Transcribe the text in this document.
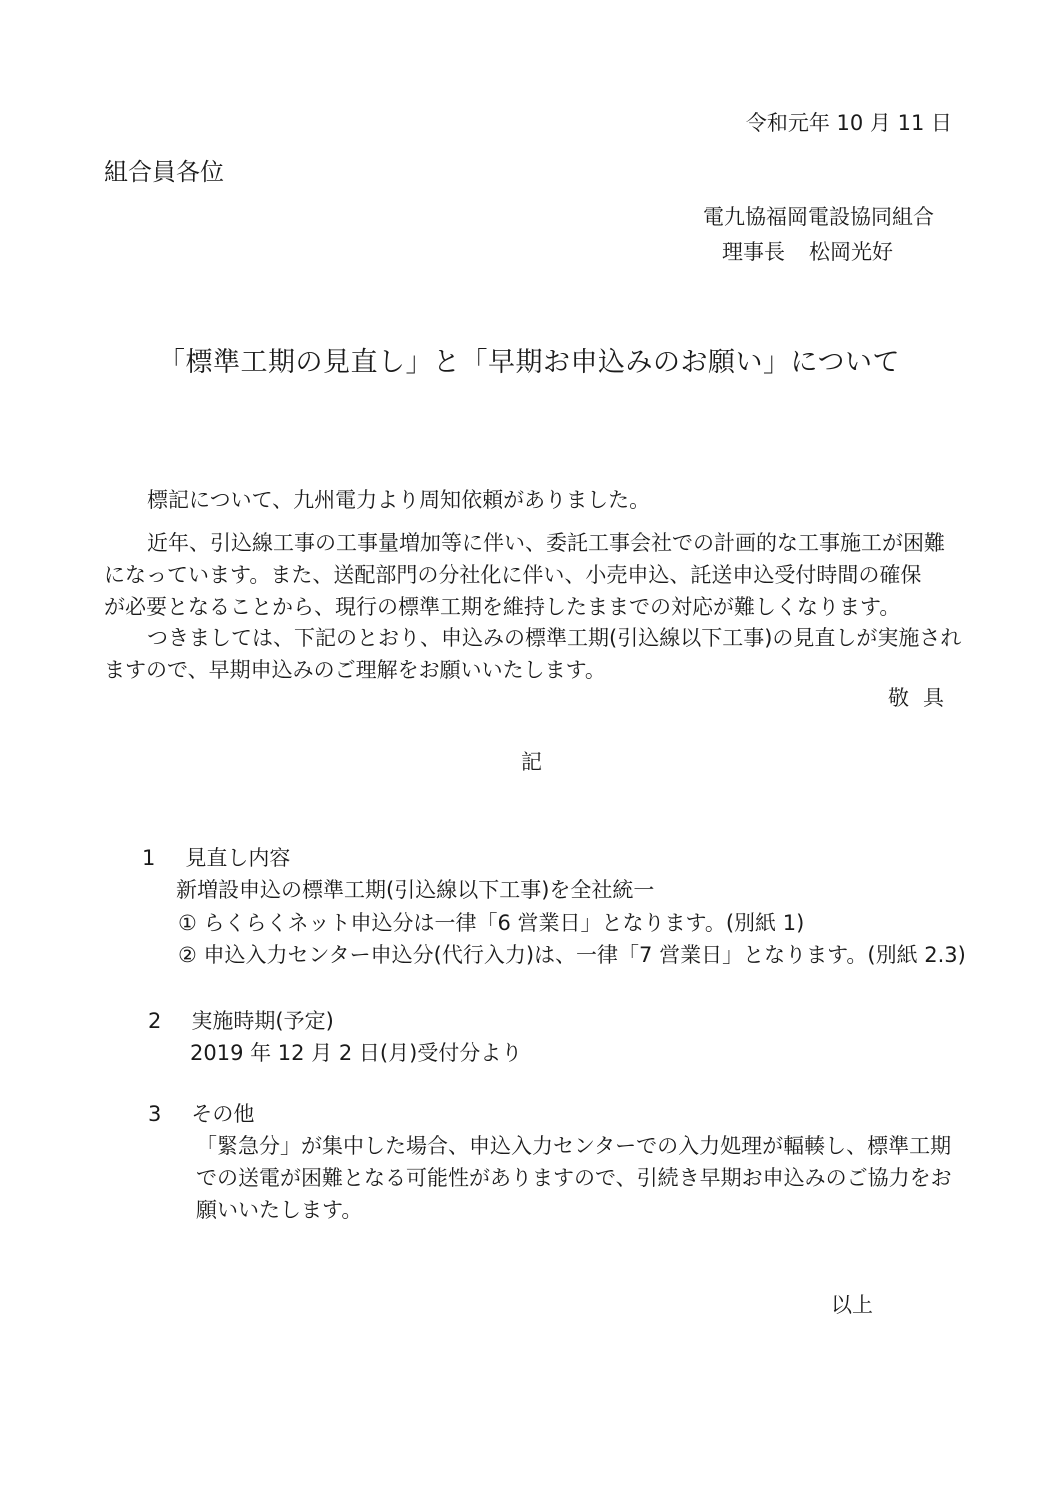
令和元年 10 月 11 日
組合員各位
電九協福岡電設協同組合
理事長 松岡光好
「標準工期の見直し」と「早期お申込みのお願い」について
標記について、九州電力より周知依頼がありました。
近年、引込線工事の工事量増加等に伴い、委託工事会社での計画的な工事施工が困難
になっています。また、送配部門の分社化に伴い、小売申込、託送申込受付時間の確保
が必要となることから、現行の標準工期を維持したままでの対応が難しくなります。
つきましては、下記のとおり、申込みの標準工期(引込線以下工事)の見直しが実施され
ますので、早期申込みのご理解をお願いいたします。
敬具
記
1 見直し内容
新増設申込の標準工期(引込線以下工事)を全社統一
① らくらくネット申込分は一律「6 営業日」となります。(別紙 1)
② 申込入力センター申込分(代行入力)は、一律「7 営業日」となります。(別紙 2.3)
2 実施時期(予定)
2019 年 12 月 2 日(月)受付分より
3 その他
「緊急分」が集中した場合、申込入力センターでの入力処理が輻輳し、標準工期
での送電が困難となる可能性がありますので、引続き早期お申込みのご協力をお
願いいたします。
以上
